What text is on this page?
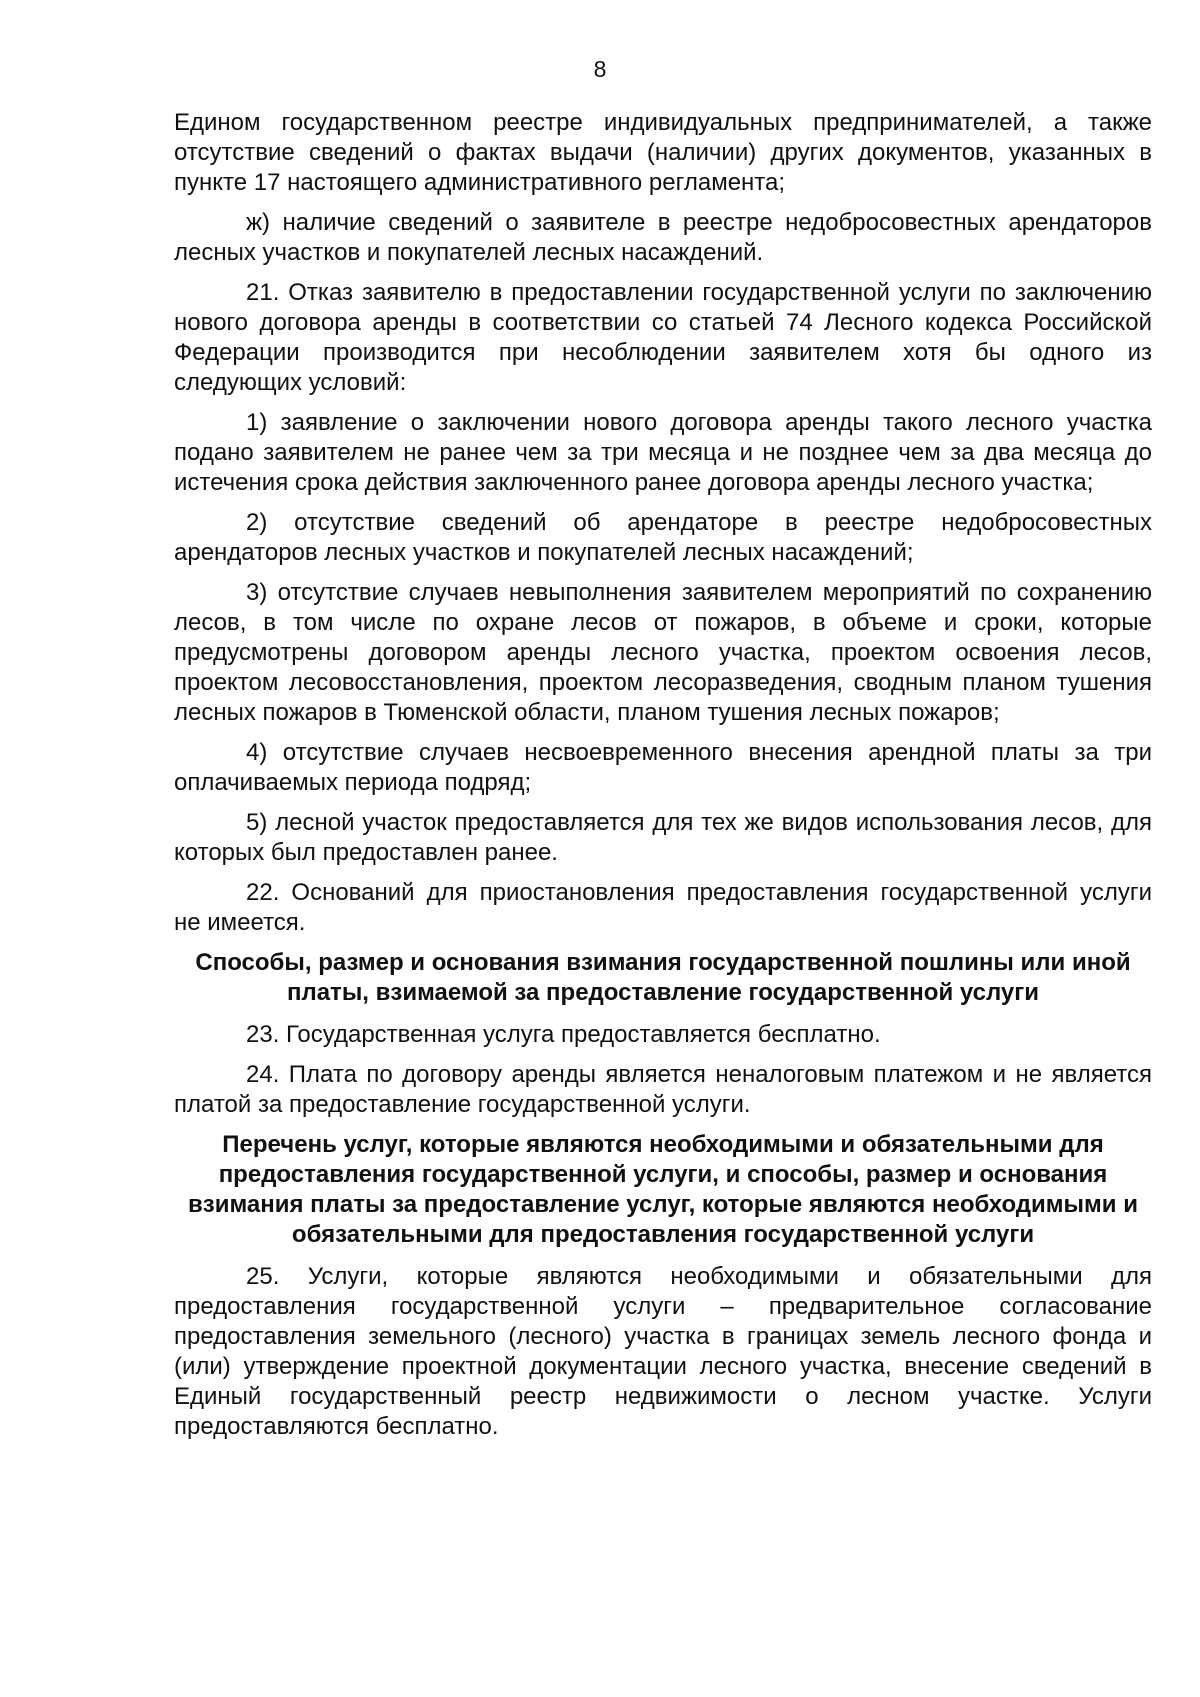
8

Едином государственном реестре индивидуальных предпринимателей, а также отсутствие сведений о фактах выдачи (наличии) других документов, указанных в пункте 17 настоящего административного регламента;

ж) наличие сведений о заявителе в реестре недобросовестных арендаторов лесных участков и покупателей лесных насаждений.

21. Отказ заявителю в предоставлении государственной услуги по заключению нового договора аренды в соответствии со статьей 74 Лесного кодекса Российской Федерации производится при несоблюдении заявителем хотя бы одного из следующих условий:

1) заявление о заключении нового договора аренды такого лесного участка подано заявителем не ранее чем за три месяца и не позднее чем за два месяца до истечения срока действия заключенного ранее договора аренды лесного участка;

2) отсутствие сведений об арендаторе в реестре недобросовестных арендаторов лесных участков и покупателей лесных насаждений;

3) отсутствие случаев невыполнения заявителем мероприятий по сохранению лесов, в том числе по охране лесов от пожаров, в объеме и сроки, которые предусмотрены договором аренды лесного участка, проектом освоения лесов, проектом лесовосстановления, проектом лесоразведения, сводным планом тушения лесных пожаров в Тюменской области, планом тушения лесных пожаров;

4) отсутствие случаев несвоевременного внесения арендной платы за три оплачиваемых периода подряд;

5) лесной участок предоставляется для тех же видов использования лесов, для которых был предоставлен ранее.

22. Оснований для приостановления предоставления государственной услуги не имеется.

Способы, размер и основания взимания государственной пошлины или иной платы, взимаемой за предоставление государственной услуги

23. Государственная услуга предоставляется бесплатно.

24. Плата по договору аренды является неналоговым платежом и не является платой за предоставление государственной услуги.

Перечень услуг, которые являются необходимыми и обязательными для предоставления государственной услуги, и способы, размер и основания взимания платы за предоставление услуг, которые являются необходимыми и обязательными для предоставления государственной услуги

25. Услуги, которые являются необходимыми и обязательными для предоставления государственной услуги – предварительное согласование предоставления земельного (лесного) участка в границах земель лесного фонда и (или) утверждение проектной документации лесного участка, внесение сведений в Единый государственный реестр недвижимости о лесном участке. Услуги предоставляются бесплатно.
